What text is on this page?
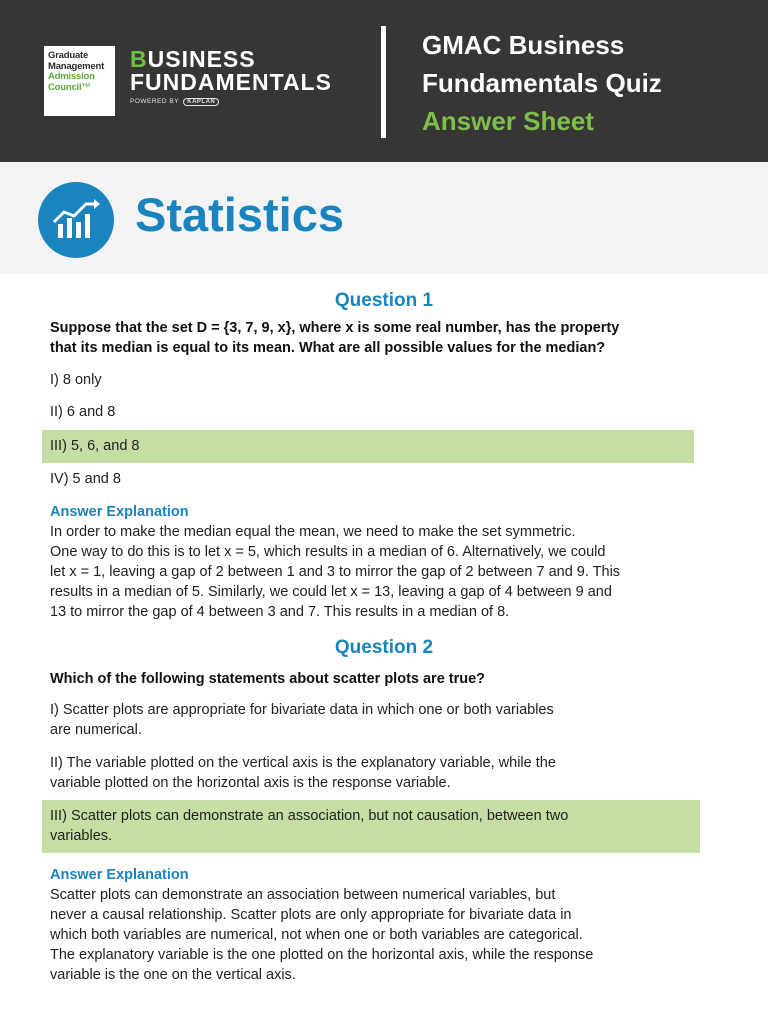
Graduate
Management
Admission
Council™
BUSINESS
FUNDAMENTALS
POWERED BY KAPLAN
GMAC Business
Fundamentals Quiz
Answer Sheet
Statistics
Question 1
Suppose that the set D = {3, 7, 9, x}, where x is some real number, has the property
that its median is equal to its mean. What are all possible values for the median?
I) 8 only
II) 6 and 8
III) 5, 6, and 8
IV) 5 and 8
Answer Explanation
In order to make the median equal the mean, we need to make the set symmetric.
One way to do this is to let x = 5, which results in a median of 6. Alternatively, we could
let x = 1, leaving a gap of 2 between 1 and 3 to mirror the gap of 2 between 7 and 9. This
results in a median of 5. Similarly, we could let x = 13, leaving a gap of 4 between 9 and
13 to mirror the gap of 4 between 3 and 7. This results in a median of 8.
Question 2
Which of the following statements about scatter plots are true?
I) Scatter plots are appropriate for bivariate data in which one or both variables
are numerical.
II) The variable plotted on the vertical axis is the explanatory variable, while the
variable plotted on the horizontal axis is the response variable.
III) Scatter plots can demonstrate an association, but not causation, between two
variables.
Answer Explanation
Scatter plots can demonstrate an association between numerical variables, but
never a causal relationship. Scatter plots are only appropriate for bivariate data in
which both variables are numerical, not when one or both variables are categorical.
The explanatory variable is the one plotted on the horizontal axis, while the response
variable is the one on the vertical axis.
